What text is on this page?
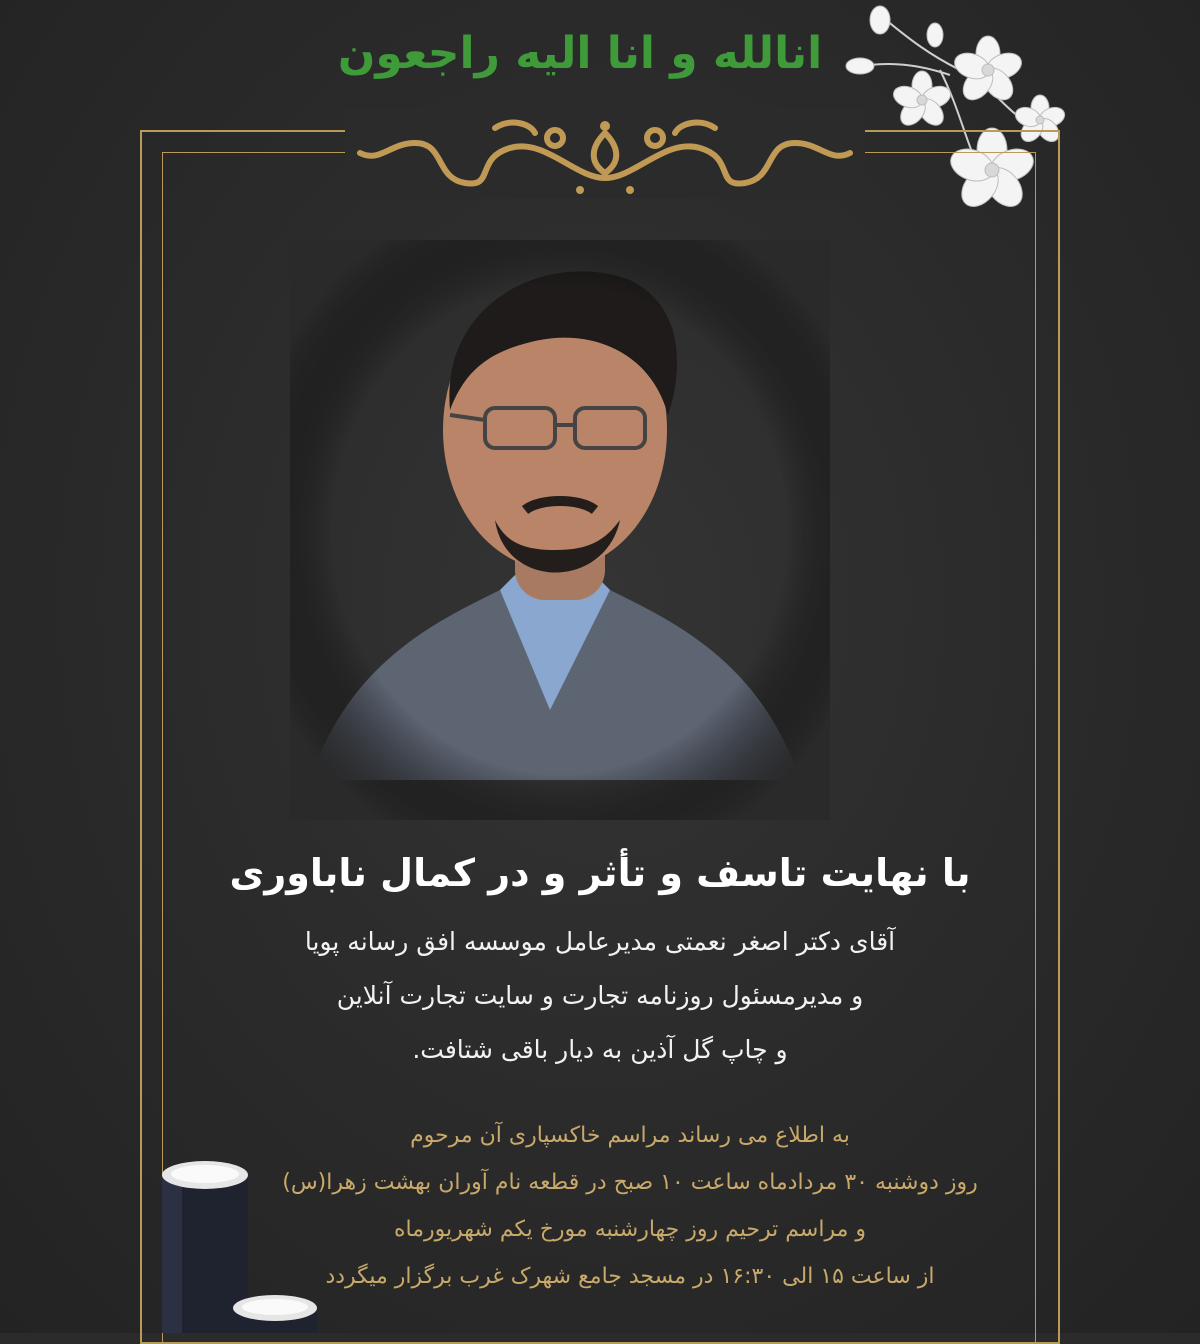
انالله و انا الیه راجعون
با نهایت تاسف و تأثر و در کمال ناباوری
آقای دکتر اصغر نعمتی مدیرعامل موسسه افق رسانه پویا
و مدیرمسئول روزنامه تجارت و سایت تجارت آنلاین
و چاپ گل آذین به دیار باقی شتافت.
به اطلاع می رساند مراسم خاکسپاری آن مرحوم
روز دوشنبه ۳۰ مردادماه ساعت ۱۰ صبح در قطعه نام آوران بهشت زهرا(س)
و مراسم ترحیم روز چهارشنبه مورخ یکم شهریورماه
از ساعت ۱۵ الی ۱۶:۳۰ در مسجد جامع شهرک غرب برگزار میگردد
